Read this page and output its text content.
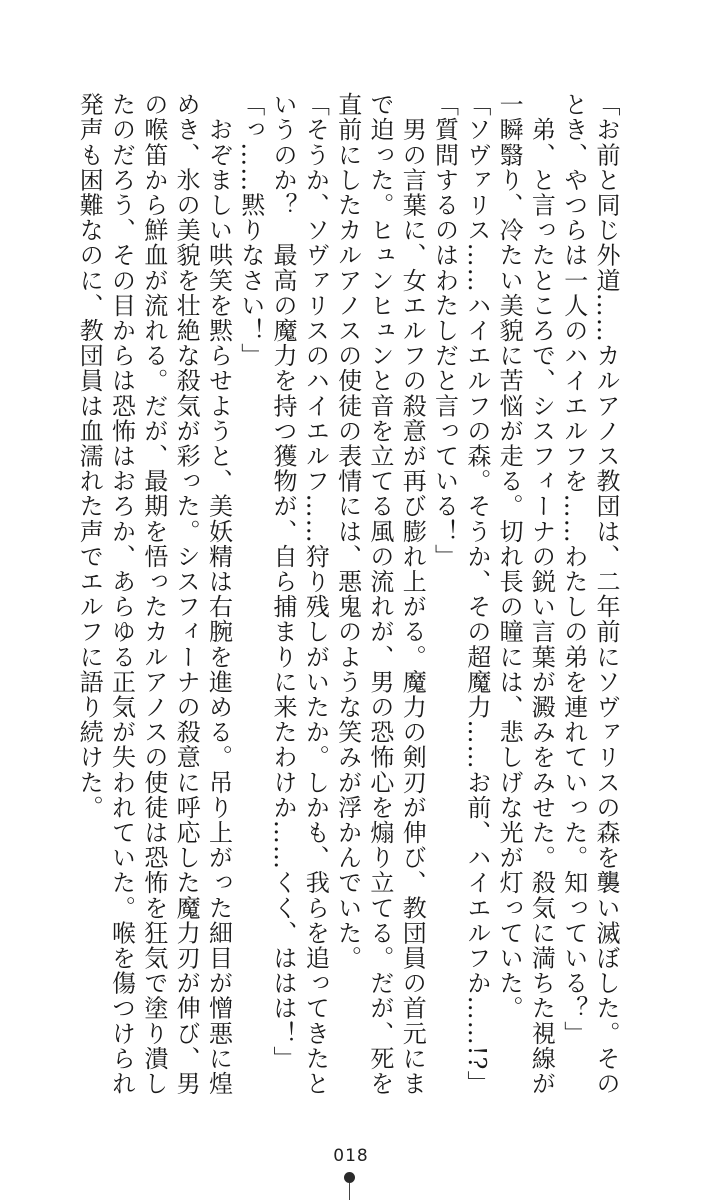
「お前と同じ外道……カルアノス教団は、二年前にソヴァリスの森を襲い滅ぼした。その

とき、やつらは一人のハイエルフを……わたしの弟を連れていった。知っている？」

　弟、と言ったところで、シスフィーナの鋭い言葉が澱みをみせた。殺気に満ちた視線が

一瞬翳り、冷たい美貌に苦悩が走る。切れ長の瞳には、悲しげな光が灯っていた。

「ソヴァリス……ハイエルフの森。そうか、その超魔力……お前、ハイエルフか……!?」

「質問するのはわたしだと言っている！」

　男の言葉に、女エルフの殺意が再び膨れ上がる。魔力の剣刃が伸び、教団員の首元にま

で迫った。ヒュンヒュンと音を立てる風の流れが、男の恐怖心を煽り立てる。だが、死を

直前にしたカルアノスの使徒の表情には、悪鬼のような笑みが浮かんでいた。

「そうか、ソヴァリスのハイエルフ……狩り残しがいたか。しかも、我らを追ってきたと

いうのか？　最高の魔力を持つ獲物が、自ら捕まりに来たわけか……くく、ははは！」

「っ……黙りなさい！」

　おぞましい哄笑を黙らせようと、美妖精は右腕を進める。吊り上がった細目が憎悪に煌

めき、氷の美貌を壮絶な殺気が彩った。シスフィーナの殺意に呼応した魔力刃が伸び、男

の喉笛から鮮血が流れる。だが、最期を悟ったカルアノスの使徒は恐怖を狂気で塗り潰し

たのだろう、その目からは恐怖はおろか、あらゆる正気が失われていた。喉を傷つけられ

発声も困難なのに、教団員は血濡れた声でエルフに語り続けた。

018
